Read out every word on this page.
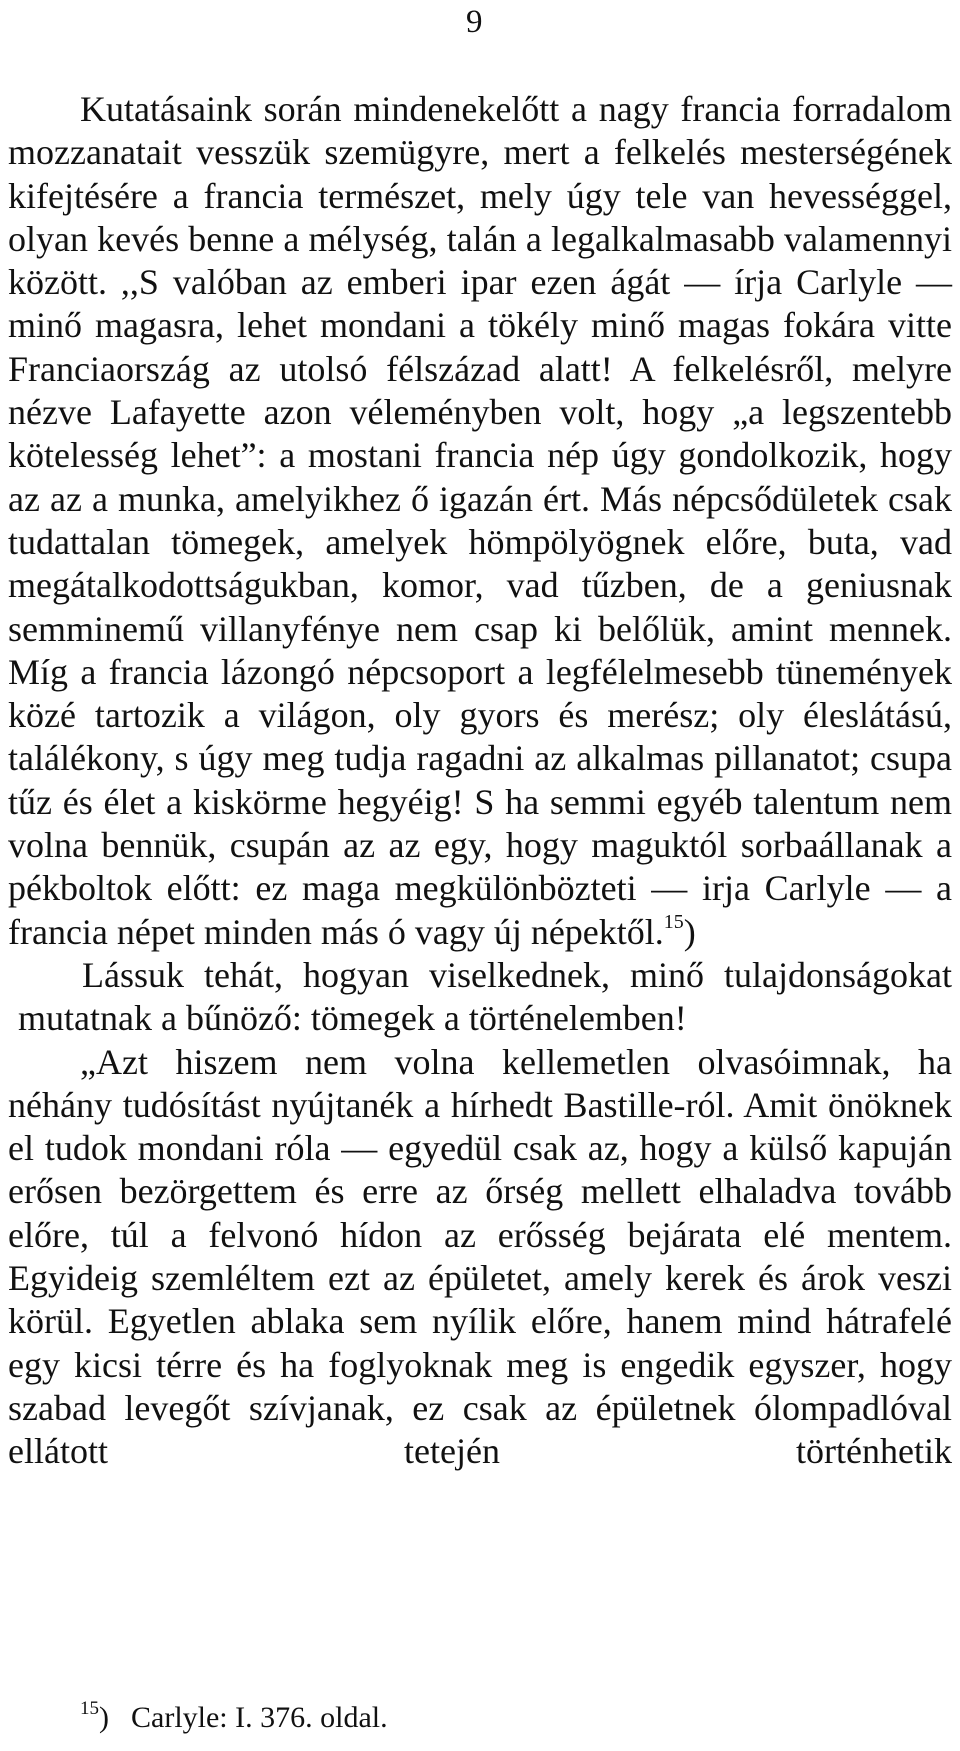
9

Kutatásaink során mindenekelőtt a nagy francia forradalom mozzanatait vesszük szemügyre, mert a felkelés mesterségének kifejtésére a francia természet, mely úgy tele van hevességgel, olyan kevés benne a mélység, talán a legalkalmasabb valamennyi között. ,,S valóban az emberi ipar ezen ágát — írja Carlyle — minő magasra, lehet mondani a tökély minő magas fokára vitte Franciaország az utolsó félszázad alatt! A felkelésről, melyre nézve Lafayette azon véleményben volt, hogy „a legszentebb kötelesség lehet”: a mostani francia nép úgy gondolkozik, hogy az az a munka, amelyikhez ő igazán ért. Más népcsődületek csak tudattalan tömegek, amelyek hömpölyögnek előre, buta, vad megátalkodottságukban, komor, vad tűzben, de a geniusnak semminemű villanyfénye nem csap ki belőlük, amint mennek. Míg a francia lázongó népcsoport a legfélelmesebb tünemények közé tartozik a világon, oly gyors és merész; oly éleslátású, találékony, s úgy meg tudja ragadni az alkalmas pillanatot; csupa tűz és élet a kiskörme hegyéig! S ha semmi egyéb talentum nem volna bennük, csupán az az egy, hogy maguktól sorbaállanak a pékboltok előtt: ez maga megkülönbözteti — irja Carlyle — a francia népet minden más ó vagy új népektől.$^{15}$)

Lássuk tehát, hogyan viselkednek, minő tulajdonságokat mutatnak a bűnöző: tömegek a történelemben!

„Azt hiszem nem volna kellemetlen olvasóimnak, ha néhány tudósítást nyújtanék a hírhedt Bastille-ról. Amit önöknek el tudok mondani róla — egyedül csak az, hogy a külső kapuján erősen bezörgettem és erre az őrség mellett elhaladva tovább előre, túl a felvonó hídon az erősség bejárata elé mentem. Egyideig szemléltem ezt az épületet, amely kerek és árok veszi körül. Egyetlen ablaka sem nyílik előre, hanem mind hátrafelé egy kicsi térre és ha foglyoknak meg is engedik egyszer, hogy szabad levegőt szívjanak, ez csak az épületnek ólompadlóval ellátott tetején történhetik

$^{15}$) Carlyle: I. 376. oldal.
